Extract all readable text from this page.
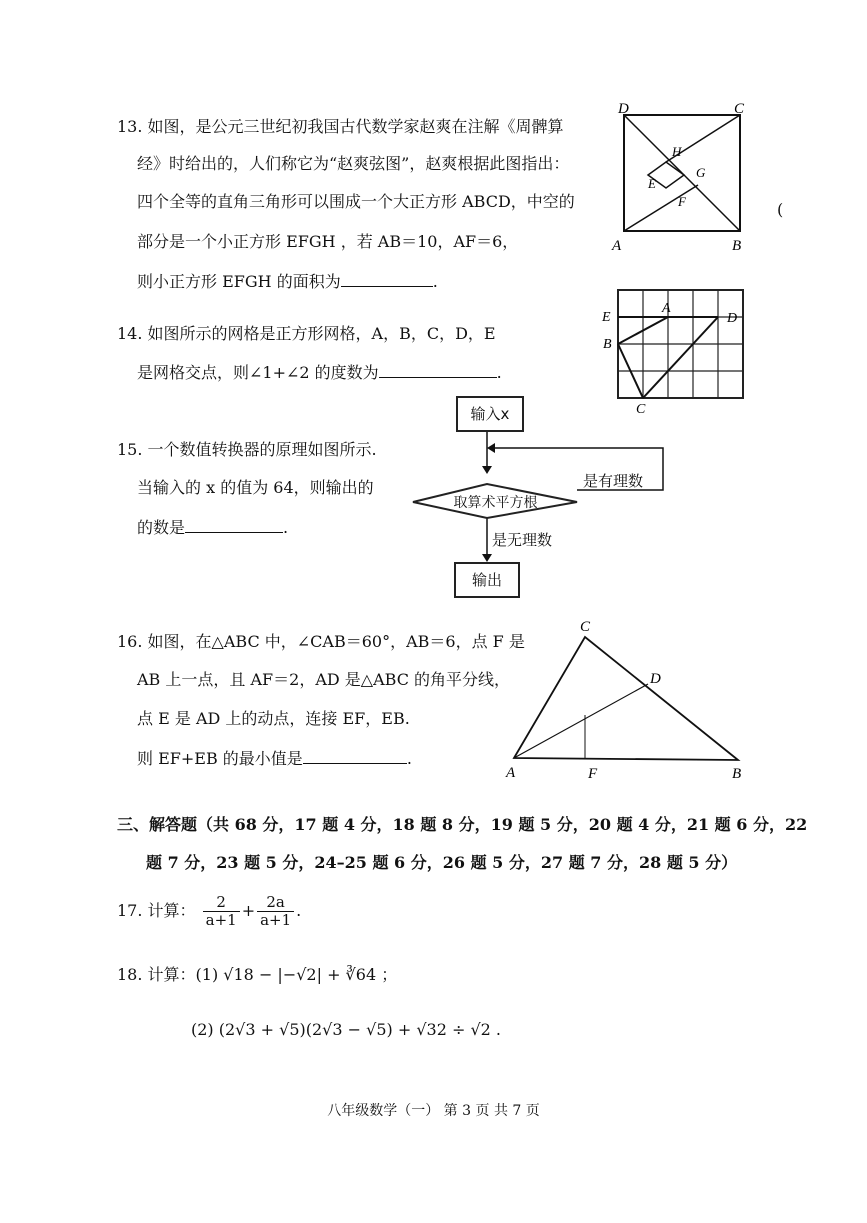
13. 如图，是公元三世纪初我国古代数学家赵爽在注解《周髀算
经》时给出的，人们称它为“赵爽弦图”，赵爽根据此图指出：
四个全等的直角三角形可以围成一个大正方形 ABCD，中空的
部分是一个小正方形 EFGH ，若 AB＝10，AF＝6，
则小正方形 EFGH 的面积为	.
(
D	C
A	B
H
G
E
F
14. 如图所示的网格是正方形网格，A，B，C，D，E
是网格交点，则∠1+∠2 的度数为	.
E
B
A
D
C
15. 一个数值转换器的原理如图所示.
当输入的 x 的值为 64，则输出的
的数是	.
输入x
取算术平方根
是有理数
是无理数
输出
16. 如图，在△ABC 中，∠CAB＝60°，AB＝6，点 F 是
AB 上一点，且 AF＝2，AD 是△ABC 的角平分线，
点 E 是 AD 上的动点，连接 EF，EB.
则 EF+EB 的最小值是	.
C
D
A	F	B
三、解答题（共 68 分，17 题 4 分，18 题 8 分，19 题 5 分，20 题 4 分，21 题 6 分，22
题 7 分，23 题 5 分，24–25 题 6 分，26 题 5 分，27 题 7 分，28 题 5 分）
17. 计算： $\frac{2}{a+1} + \frac{2a}{a+1}$ .
18. 计算：(1) √18 − |−√2| + ∛64 ；
(2) (2√3 + √5)(2√3 − √5) + √32 ÷ √2 .
八年级数学（一） 第 3 页 共 7 页
